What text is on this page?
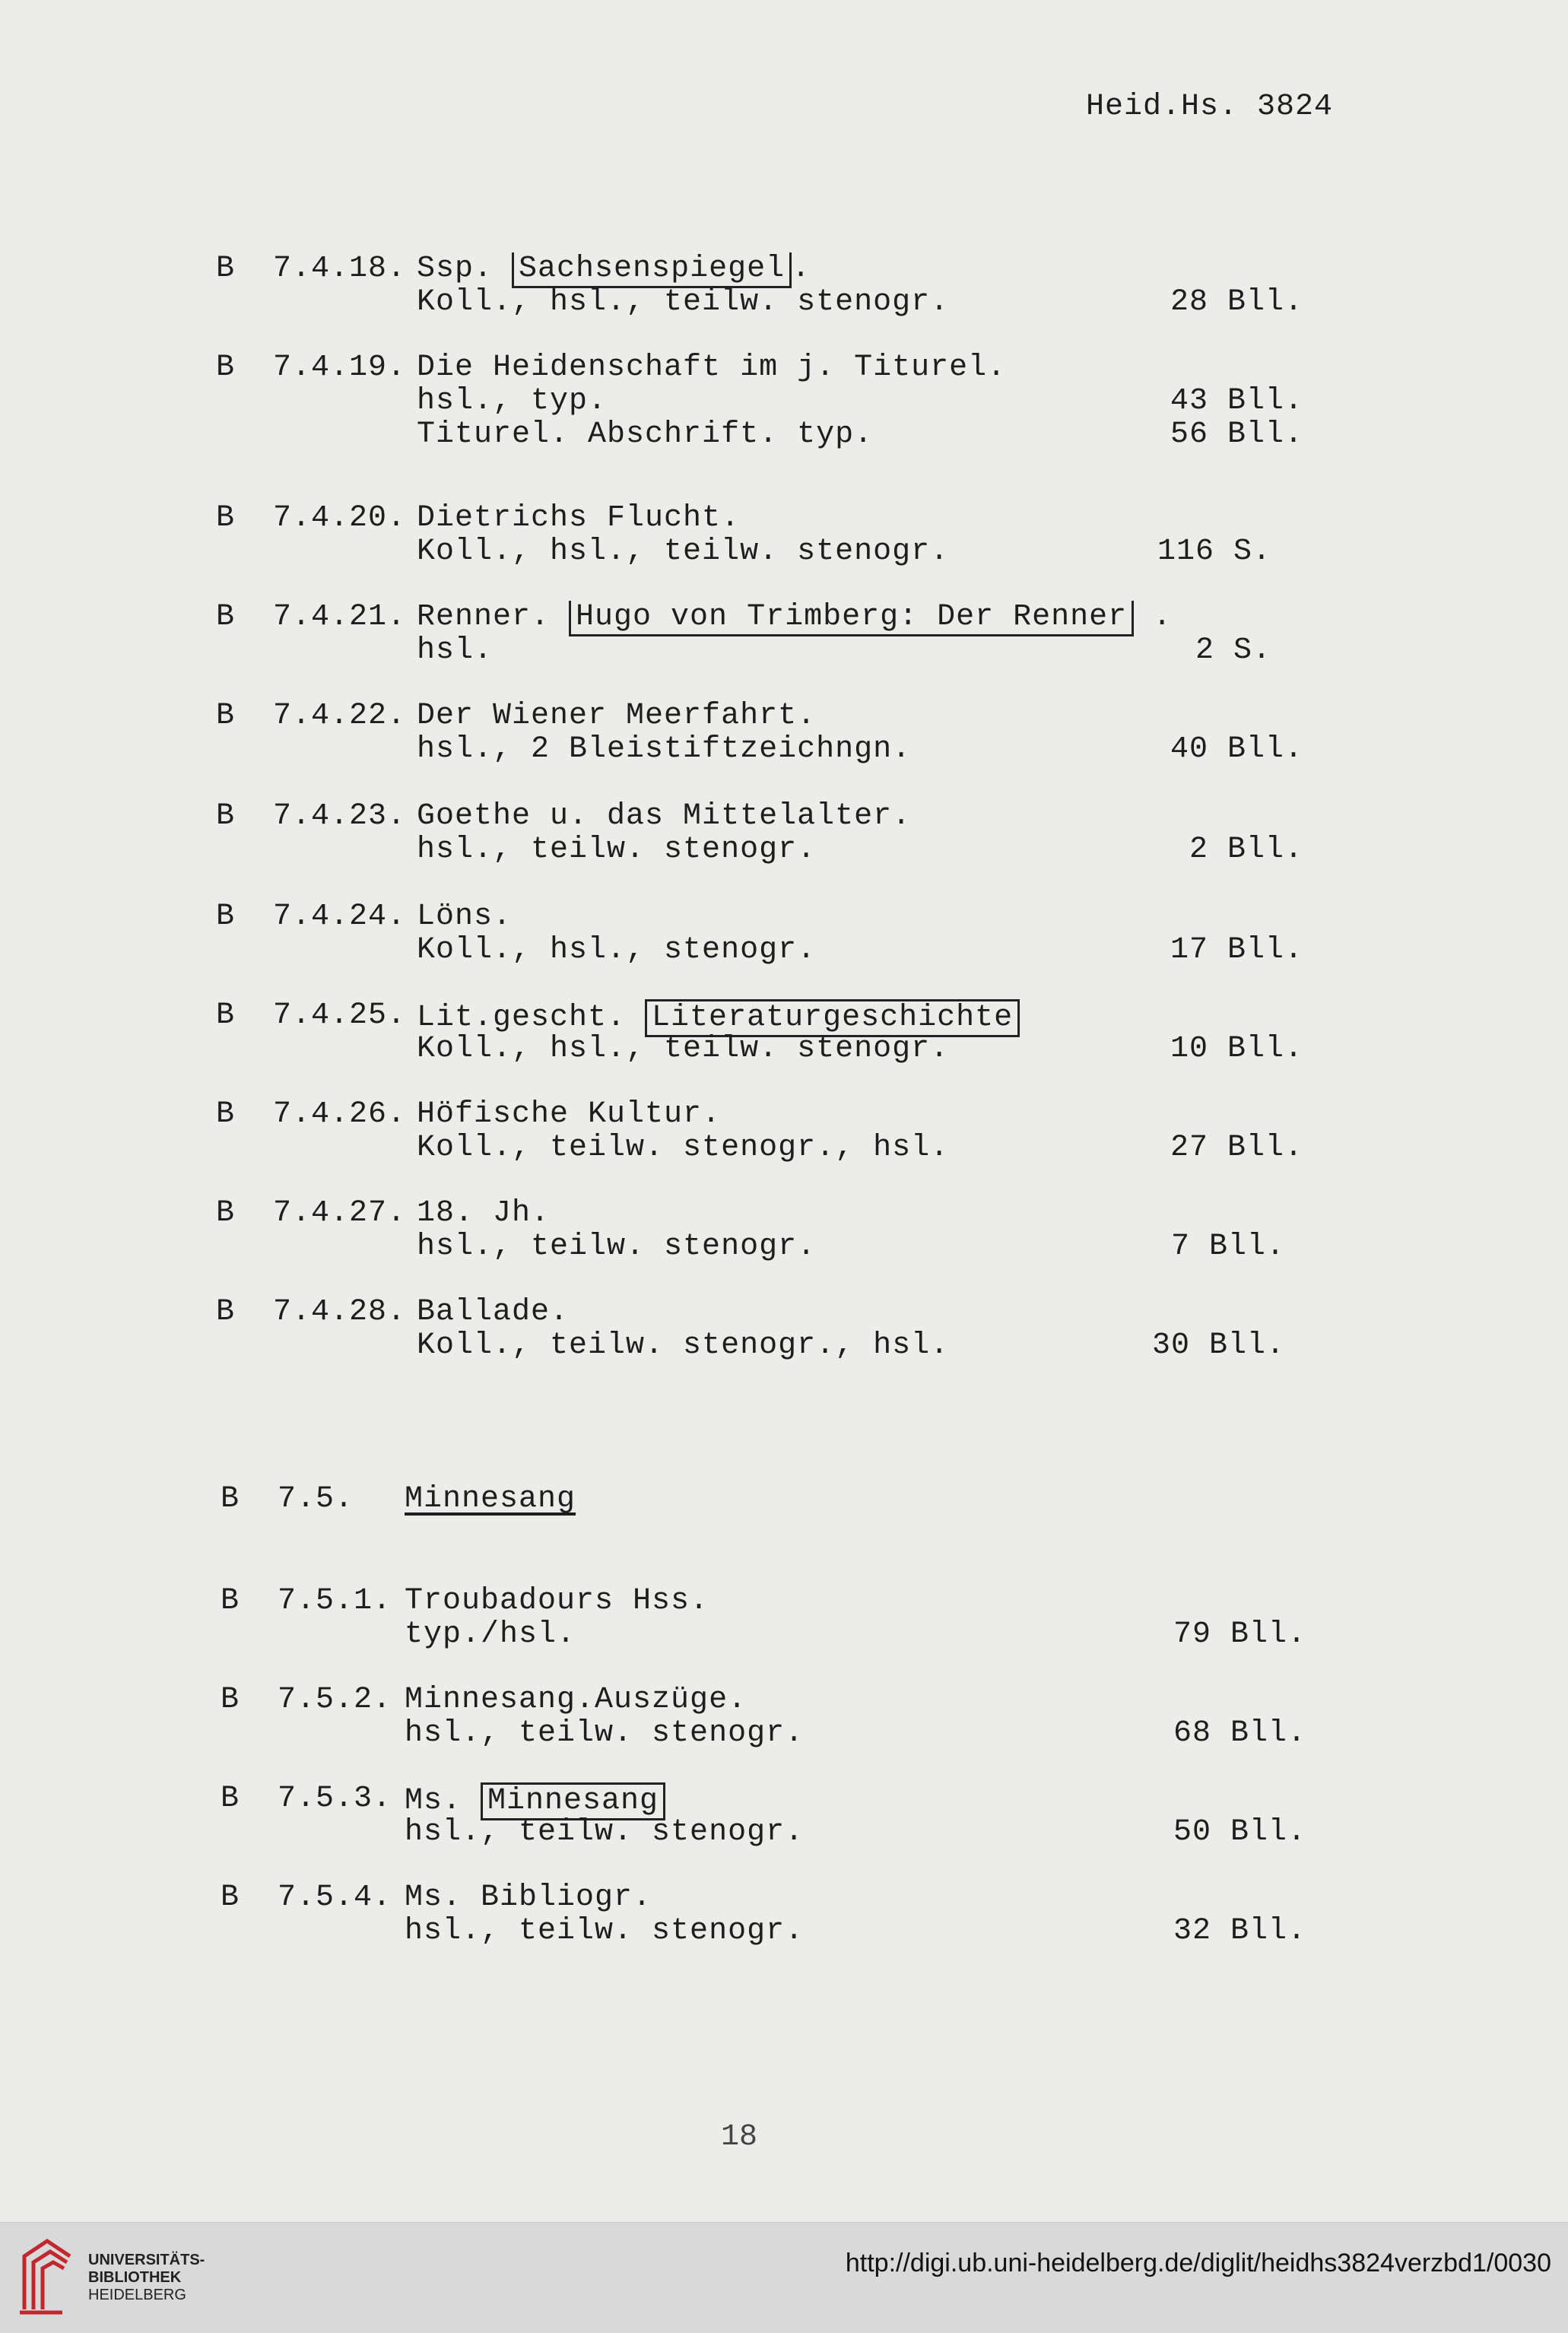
Heid.Hs. 3824
B  7.4.18. Ssp. Sachsenspiegel .
Koll., hsl., teilw. stenogr.	28 Bll.
B  7.4.19. Die Heidenschaft im j. Titurel.
hsl., typ.	43 Bll.
Titurel. Abschrift. typ.	56 Bll.
B  7.4.20. Dietrichs Flucht.
Koll., hsl., teilw. stenogr.	116 S.
B  7.4.21. Renner. Hugo von Trimberg: Der Renner .
hsl.	2 S.
B  7.4.22. Der Wiener Meerfahrt.
hsl., 2 Bleistiftzeichngn.	40 Bll.
B  7.4.23. Goethe u. das Mittelalter.
hsl., teilw. stenogr.	2 Bll.
B  7.4.24. Löns.
Koll., hsl., stenogr.	17 Bll.
B  7.4.25. Lit.gescht. Literaturgeschichte
Koll., hsl., teilw. stenogr.	10 Bll.
B  7.4.26. Höfische Kultur.
Koll., teilw. stenogr., hsl.	27 Bll.
B  7.4.27. 18. Jh.
hsl., teilw. stenogr.	7 Bll.
B  7.4.28. Ballade.
Koll., teilw. stenogr., hsl.	30 Bll.
B  7.5. Minnesang
B  7.5.1. Troubadours Hss.
typ./hsl.	79 Bll.
B  7.5.2. Minnesang.Auszüge.
hsl., teilw. stenogr.	68 Bll.
B  7.5.3. Ms. Minnesang
hsl., teilw. stenogr.	50 Bll.
B  7.5.4. Ms. Bibliogr.
hsl., teilw. stenogr.	32 Bll.
18
UNIVERSITÄTS-
BIBLIOTHEK
HEIDELBERG
http://digi.ub.uni-heidelberg.de/diglit/heidhs3824verzbd1/0030
